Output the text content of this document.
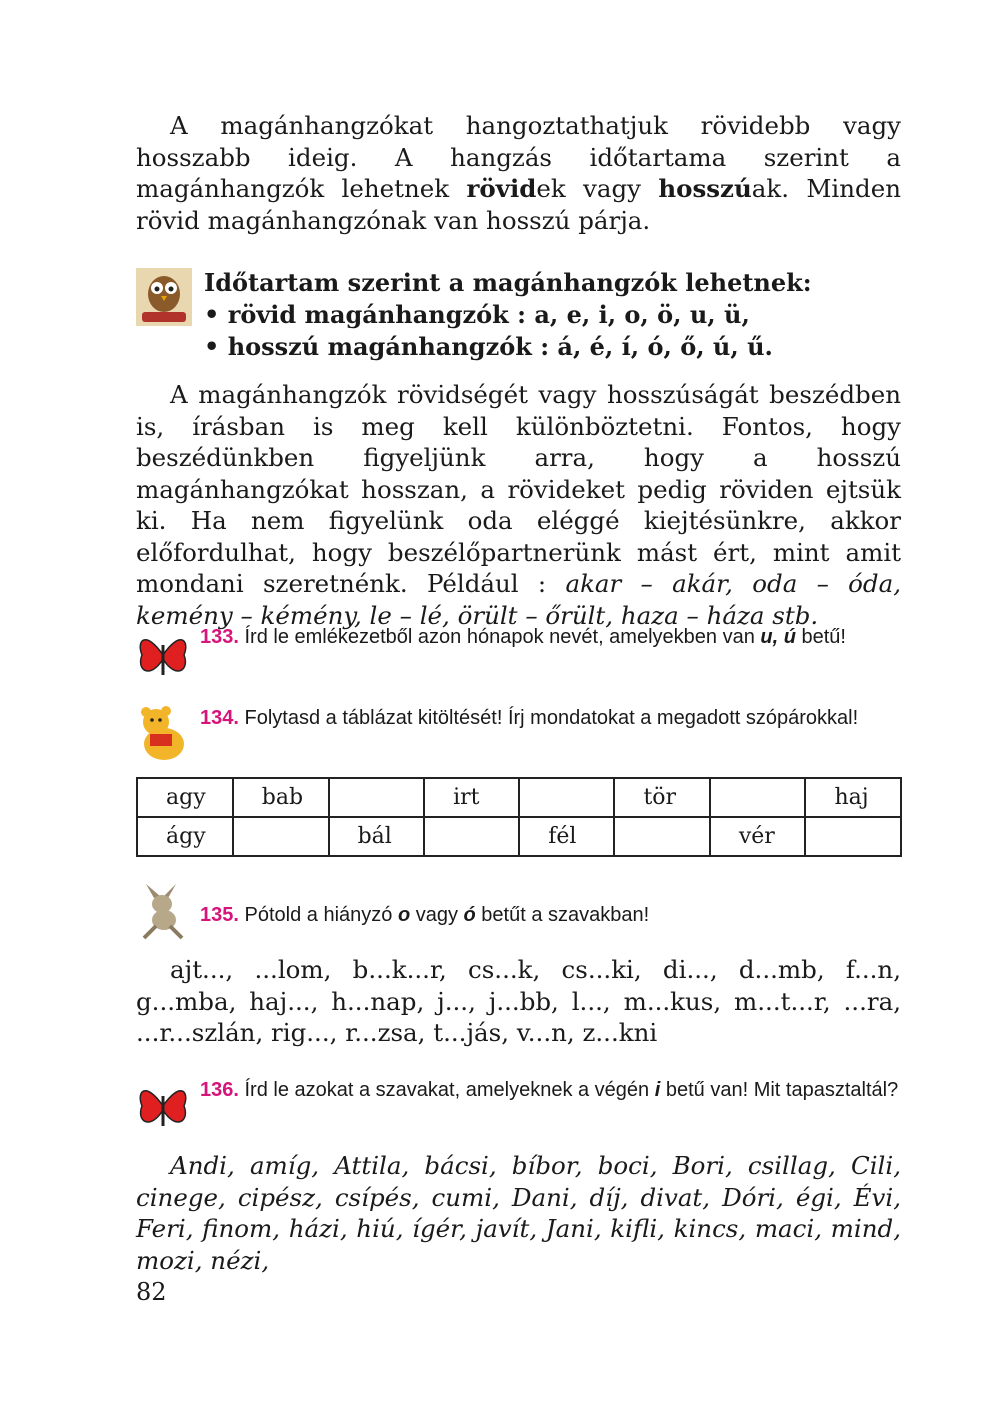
A magánhangzókat hangoztathatjuk rövidebb vagy hosszabb ideig. A hangzás időtartama szerint a magánhangzók lehetnek rövidek vagy hosszúak. Minden rövid magánhangzónak van hosszú párja.
Időtartam szerint a magánhangzók lehetnek:
• rövid magánhangzók : a, e, i, o, ö, u, ü,
• hosszú magánhangzók : á, é, í, ó, ő, ú, ű.
A magánhangzók rövidségét vagy hosszúságát beszédben is, írásban is meg kell különböztetni. Fontos, hogy beszédünkben figyeljünk arra, hogy a hosszú magánhangzókat hosszan, a rövideket pedig röviden ejtsük ki. Ha nem figyelünk oda eléggé kiejtésünkre, akkor előfordulhat, hogy beszélőpartnerünk mást ért, mint amit mondani szeretnénk. Például : akar – akár, oda – óda, kemény – kémény, le – lé, örült – őrült, haza – háza stb.
133. Írd le emlékezetből azon hónapok nevét, amelyekben van u, ú betű!
134. Folytasd a táblázat kitöltését! Írj mondatokat a megadott szópárokkal!
agy	bab		irt		tör		haj
ágy		bál		fél		vér	
135. Pótold a hiányzó o vagy ó betűt a szavakban!
ajt..., ...lom, b...k...r, cs...k, cs...ki, di..., d...mb, f...n, g...mba, haj..., h...nap, j..., j...bb, l..., m...kus, m...t...r, ...ra, ...r...szlán, rig..., r...zsa, t...jás, v...n, z...kni
136. Írd le azokat a szavakat, amelyeknek a végén i betű van! Mit tapasztaltál?
Andi, amíg, Attila, bácsi, bíbor, boci, Bori, csillag, Cili, cinege, cipész, csípés, cumi, Dani, díj, divat, Dóri, égi, Évi, Feri, finom, házi, hiú, ígér, javít, Jani, kifli, kincs, maci, mind, mozi, nézi,
82
